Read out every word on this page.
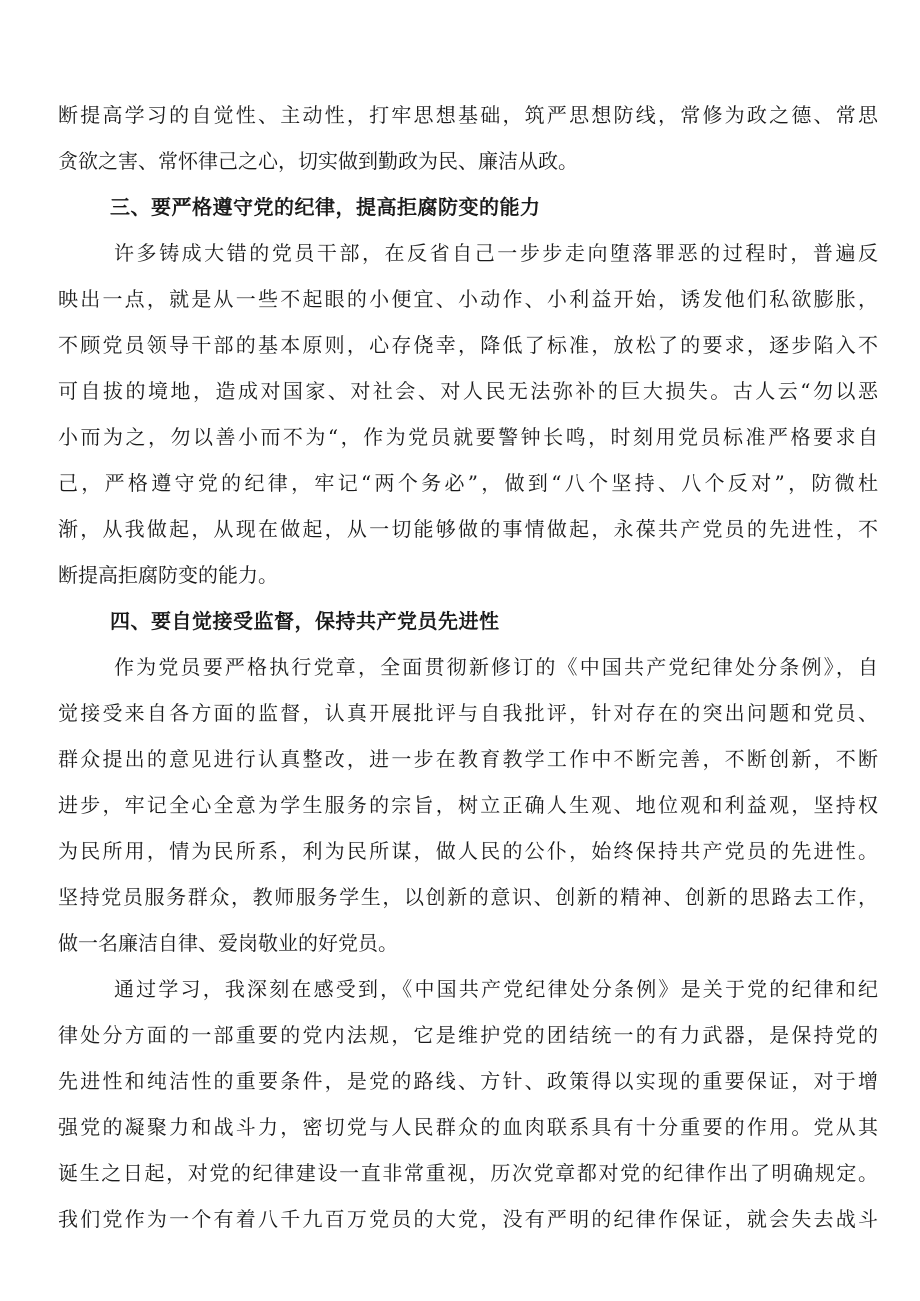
断提高学习的自觉性、主动性，打牢思想基础，筑严思想防线，常修为政之德、常思
贪欲之害、常怀律己之心，切实做到勤政为民、廉洁从政。
三、要严格遵守党的纪律，提高拒腐防变的能力
许多铸成大错的党员干部，在反省自己一步步走向堕落罪恶的过程时，普遍反
映出一点，就是从一些不起眼的小便宜、小动作、小利益开始，诱发他们私欲膨胀，
不顾党员领导干部的基本原则，心存侥幸，降低了标准，放松了的要求，逐步陷入不
可自拔的境地，造成对国家、对社会、对人民无法弥补的巨大损失。古人云“勿以恶
小而为之，勿以善小而不为“，作为党员就要警钟长鸣，时刻用党员标准严格要求自
己，严格遵守党的纪律，牢记“两个务必”，做到“八个坚持、八个反对”，防微杜
渐，从我做起，从现在做起，从一切能够做的事情做起，永葆共产党员的先进性，不
断提高拒腐防变的能力。
四、要自觉接受监督，保持共产党员先进性
作为党员要严格执行党章，全面贯彻新修订的《中国共产党纪律处分条例》，自
觉接受来自各方面的监督，认真开展批评与自我批评，针对存在的突出问题和党员、
群众提出的意见进行认真整改，进一步在教育教学工作中不断完善，不断创新，不断
进步，牢记全心全意为学生服务的宗旨，树立正确人生观、地位观和利益观，坚持权
为民所用，情为民所系，利为民所谋，做人民的公仆，始终保持共产党员的先进性。
坚持党员服务群众，教师服务学生，以创新的意识、创新的精神、创新的思路去工作，
做一名廉洁自律、爱岗敬业的好党员。
通过学习，我深刻在感受到，《中国共产党纪律处分条例》是关于党的纪律和纪
律处分方面的一部重要的党内法规，它是维护党的团结统一的有力武器，是保持党的
先进性和纯洁性的重要条件，是党的路线、方针、政策得以实现的重要保证，对于增
强党的凝聚力和战斗力，密切党与人民群众的血肉联系具有十分重要的作用。党从其
诞生之日起，对党的纪律建设一直非常重视，历次党章都对党的纪律作出了明确规定。
我们党作为一个有着八千九百万党员的大党，没有严明的纪律作保证，就会失去战斗
